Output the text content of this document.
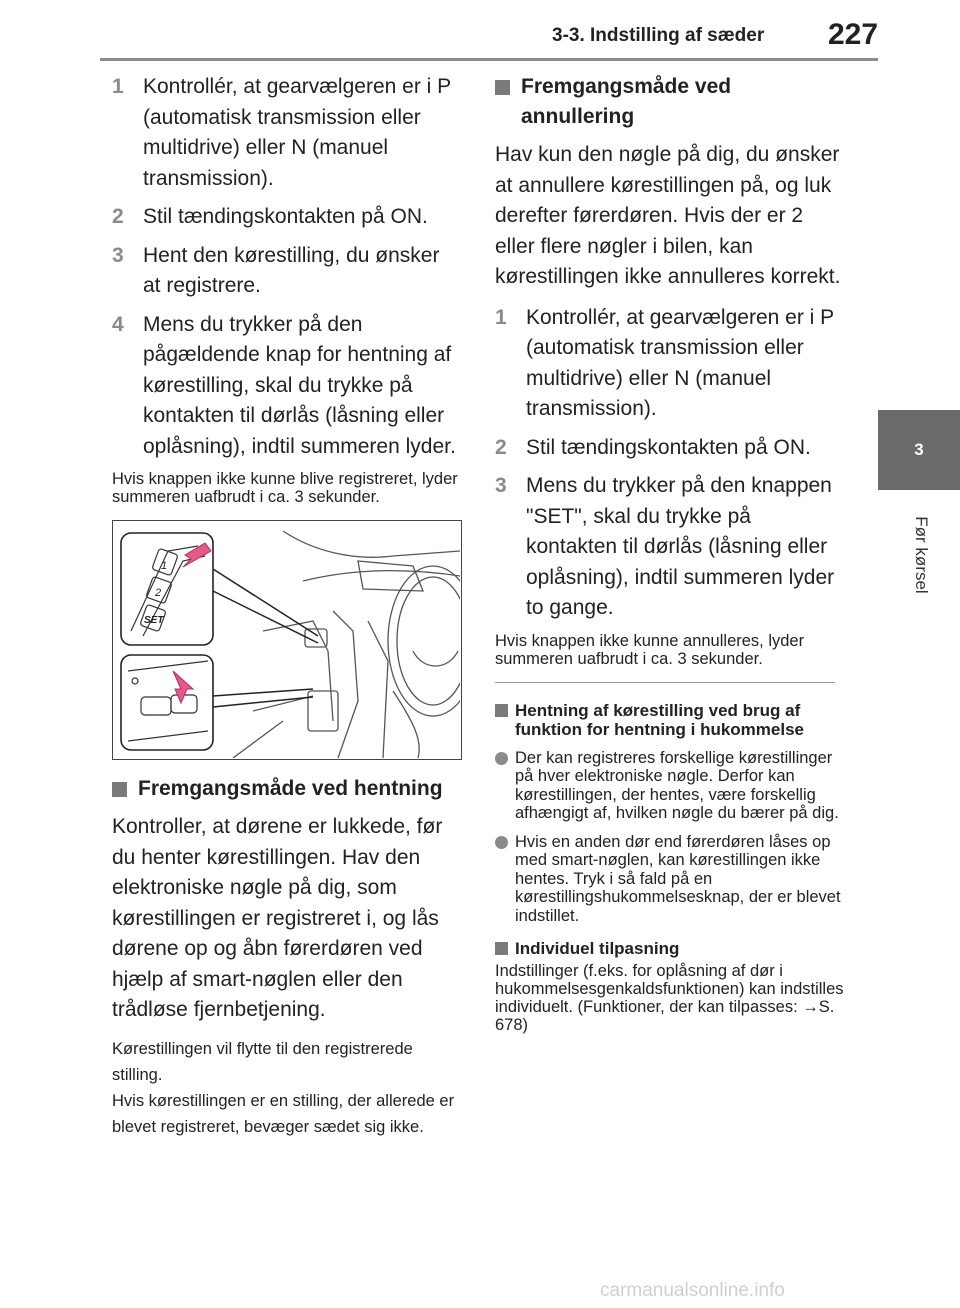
3-3. Indstilling af sæder 227
3
Før kørsel
1 Kontrollér, at gearvælgeren er i P (automatisk transmission eller multidrive) eller N (manuel transmission).
2 Stil tændingskontakten på ON.
3 Hent den kørestilling, du ønsker at registrere.
4 Mens du trykker på den pågældende knap for hentning af kørestilling, skal du trykke på kontakten til dørlås (låsning eller oplåsning), indtil summeren lyder.
Hvis knappen ikke kunne blive registreret, lyder summeren uafbrudt i ca. 3 sekunder.
1
2
SET
Fremgangsmåde ved hentning
Kontroller, at dørene er lukkede, før du henter kørestillingen. Hav den elektroniske nøgle på dig, som kørestillingen er registreret i, og lås dørene op og åbn førerdøren ved hjælp af smart-nøglen eller den trådløse fjernbetjening.
Kørestillingen vil flytte til den registrerede stilling.
Hvis kørestillingen er en stilling, der allerede er blevet registreret, bevæger sædet sig ikke.
Fremgangsmåde ved annullering
Hav kun den nøgle på dig, du ønsker at annullere kørestillingen på, og luk derefter førerdøren. Hvis der er 2 eller flere nøgler i bilen, kan kørestillingen ikke annulleres korrekt.
1 Kontrollér, at gearvælgeren er i P (automatisk transmission eller multidrive) eller N (manuel transmission).
2 Stil tændingskontakten på ON.
3 Mens du trykker på den knappen "SET", skal du trykke på kontakten til dørlås (låsning eller oplåsning), indtil summeren lyder to gange.
Hvis knappen ikke kunne annulleres, lyder summeren uafbrudt i ca. 3 sekunder.
Hentning af kørestilling ved brug af funktion for hentning i hukommelse
Der kan registreres forskellige kørestillinger på hver elektroniske nøgle. Derfor kan kørestillingen, der hentes, være forskellig afhængigt af, hvilken nøgle du bærer på dig.
Hvis en anden dør end førerdøren låses op med smart-nøglen, kan kørestillingen ikke hentes. Tryk i så fald på en kørestillingshukommelsesknap, der er blevet indstillet.
Individuel tilpasning
Indstillinger (f.eks. for oplåsning af dør i hukommelsesgenkaldsfunktionen) kan indstilles individuelt. (Funktioner, der kan tilpasses: →S. 678)
carmanualsonline.info
